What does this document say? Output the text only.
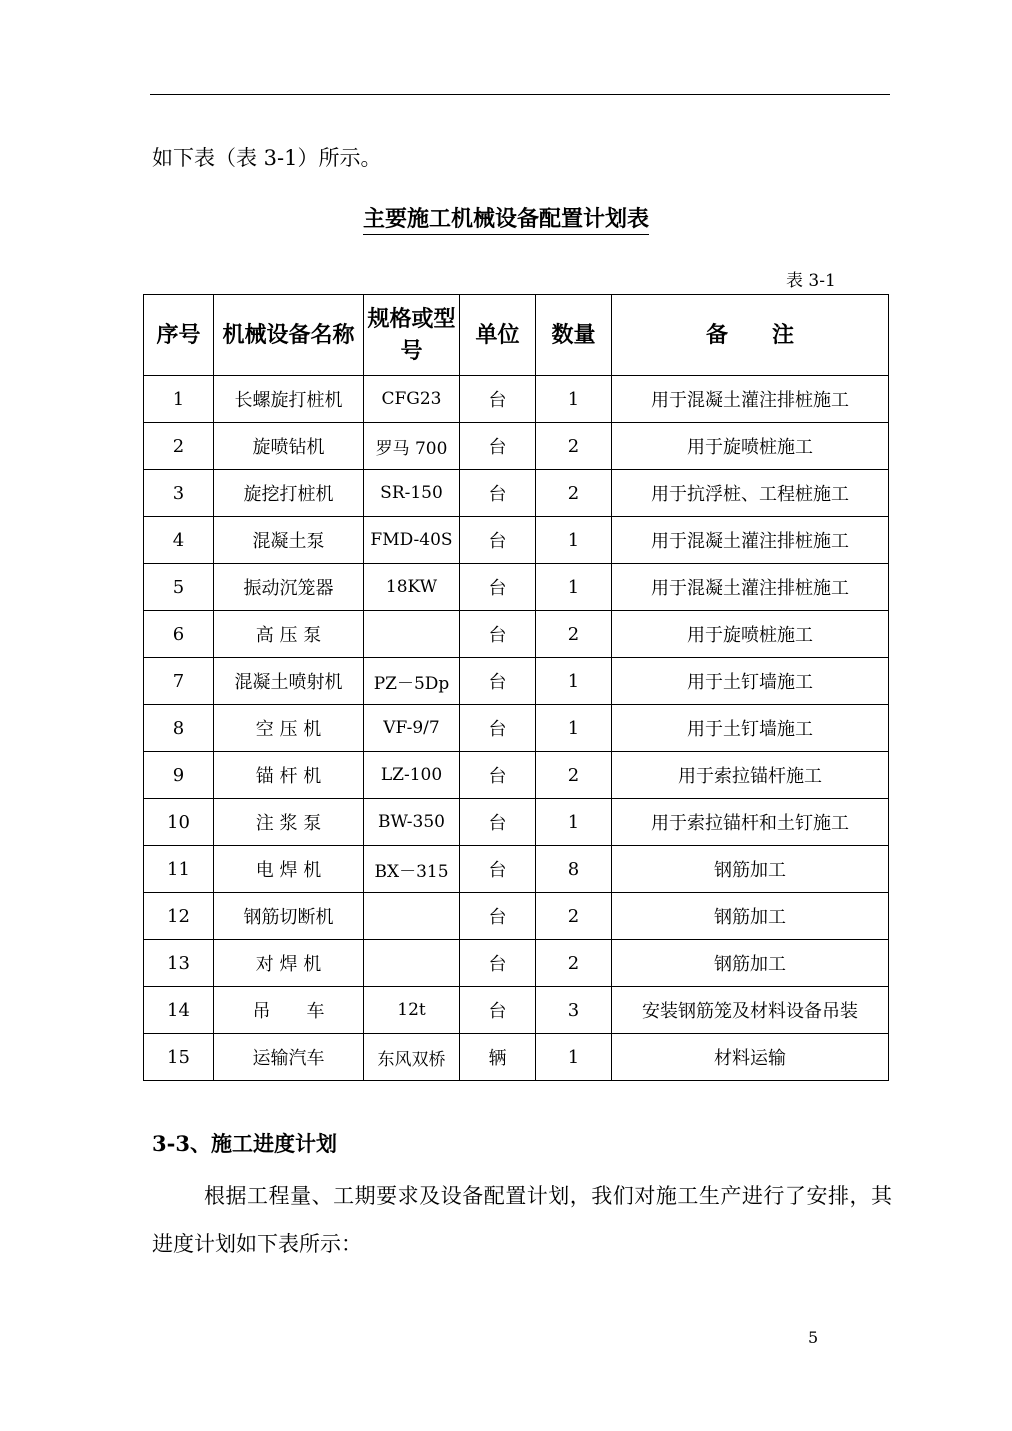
如下表（表 3-1）所示。
主要施工机械设备配置计划表
表 3-1
序号	机械设备名称	规格或型号	单位	数量	备　　注
1	长螺旋打桩机	CFG23	台	1	用于混凝土灌注排桩施工
2	旋喷钻机	罗马 700	台	2	用于旋喷桩施工
3	旋挖打桩机	SR-150	台	2	用于抗浮桩、工程桩施工
4	混凝土泵	FMD-40S	台	1	用于混凝土灌注排桩施工
5	振动沉笼器	18KW	台	1	用于混凝土灌注排桩施工
6	高 压 泵		台	2	用于旋喷桩施工
7	混凝土喷射机	PZ－5Dp	台	1	用于土钉墙施工
8	空 压 机	VF-9/7	台	1	用于土钉墙施工
9	锚 杆 机	LZ-100	台	2	用于索拉锚杆施工
10	注 浆 泵	BW-350	台	1	用于索拉锚杆和土钉施工
11	电 焊 机	BX－315	台	8	钢筋加工
12	钢筋切断机		台	2	钢筋加工
13	对 焊 机		台	2	钢筋加工
14	吊　　车	12t	台	3	安装钢筋笼及材料设备吊装
15	运输汽车	东风双桥	辆	1	材料运输
3-3、施工进度计划
根据工程量、工期要求及设备配置计划，我们对施工生产进行了安排，其进度计划如下表所示：
5
